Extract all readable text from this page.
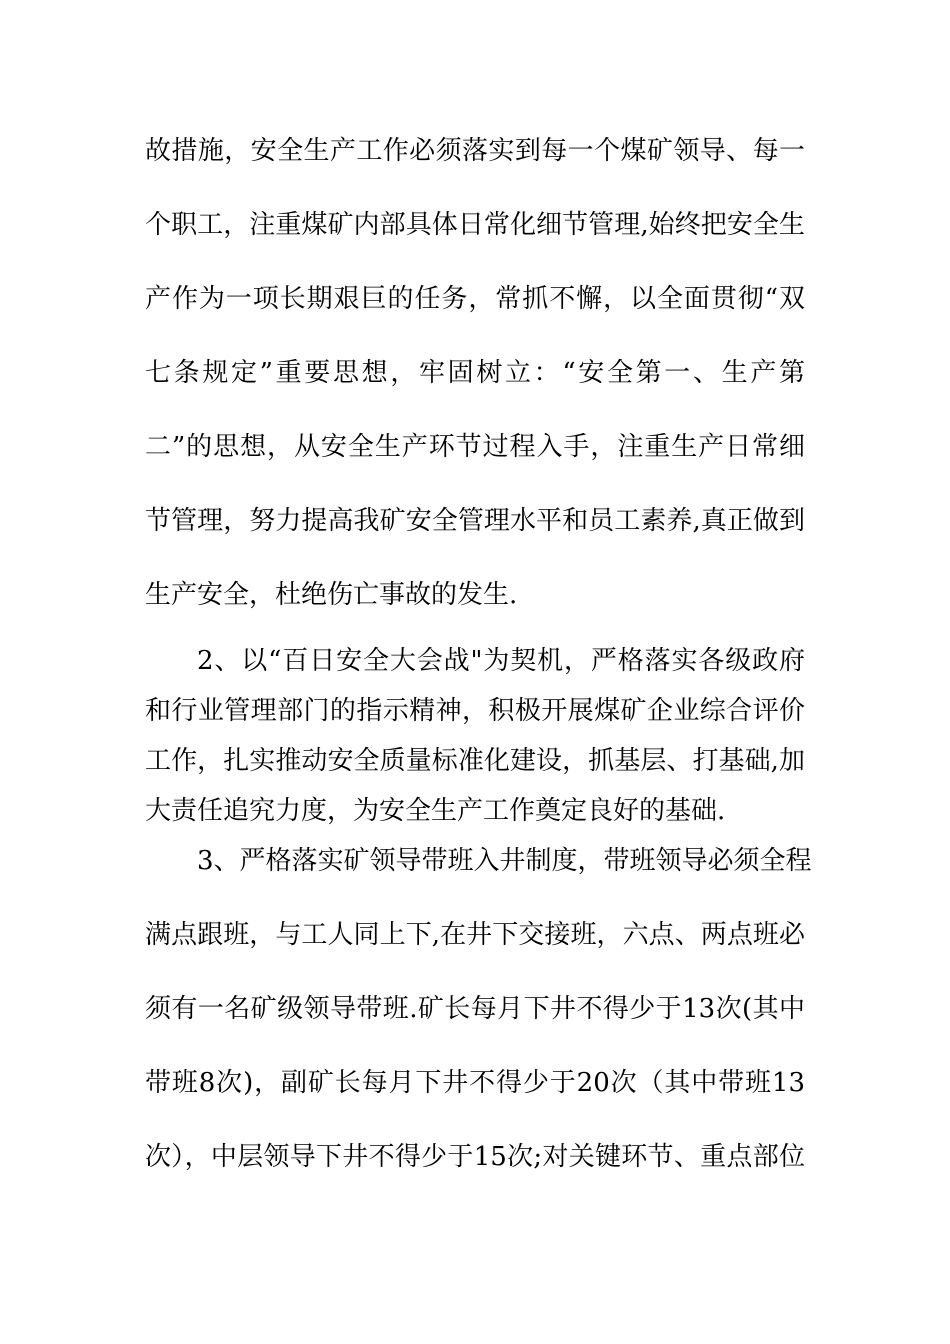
故措施，安全生产工作必须落实到每一个煤矿领导、每一
个职工，注重煤矿内部具体日常化细节管理,始终把安全生
产作为一项长期艰巨的任务，常抓不懈，以全面贯彻“双
七条规定”重要思想，牢固树立：“安全第一、生产第
二”的思想，从安全生产环节过程入手，注重生产日常细
节管理，努力提高我矿安全管理水平和员工素养,真正做到
生产安全，杜绝伤亡事故的发生.
2、以“百日安全大会战"为契机，严格落实各级政府
和行业管理部门的指示精神，积极开展煤矿企业综合评价
工作，扎实推动安全质量标准化建设，抓基层、打基础,加
大责任追究力度，为安全生产工作奠定良好的基础.
3、严格落实矿领导带班入井制度，带班领导必须全程
满点跟班，与工人同上下,在井下交接班，六点、两点班必
须有一名矿级领导带班.矿长每月下井不得少于13次(其中
带班8次)，副矿长每月下井不得少于20次（其中带班13
次），中层领导下井不得少于15次;对关键环节、重点部位
